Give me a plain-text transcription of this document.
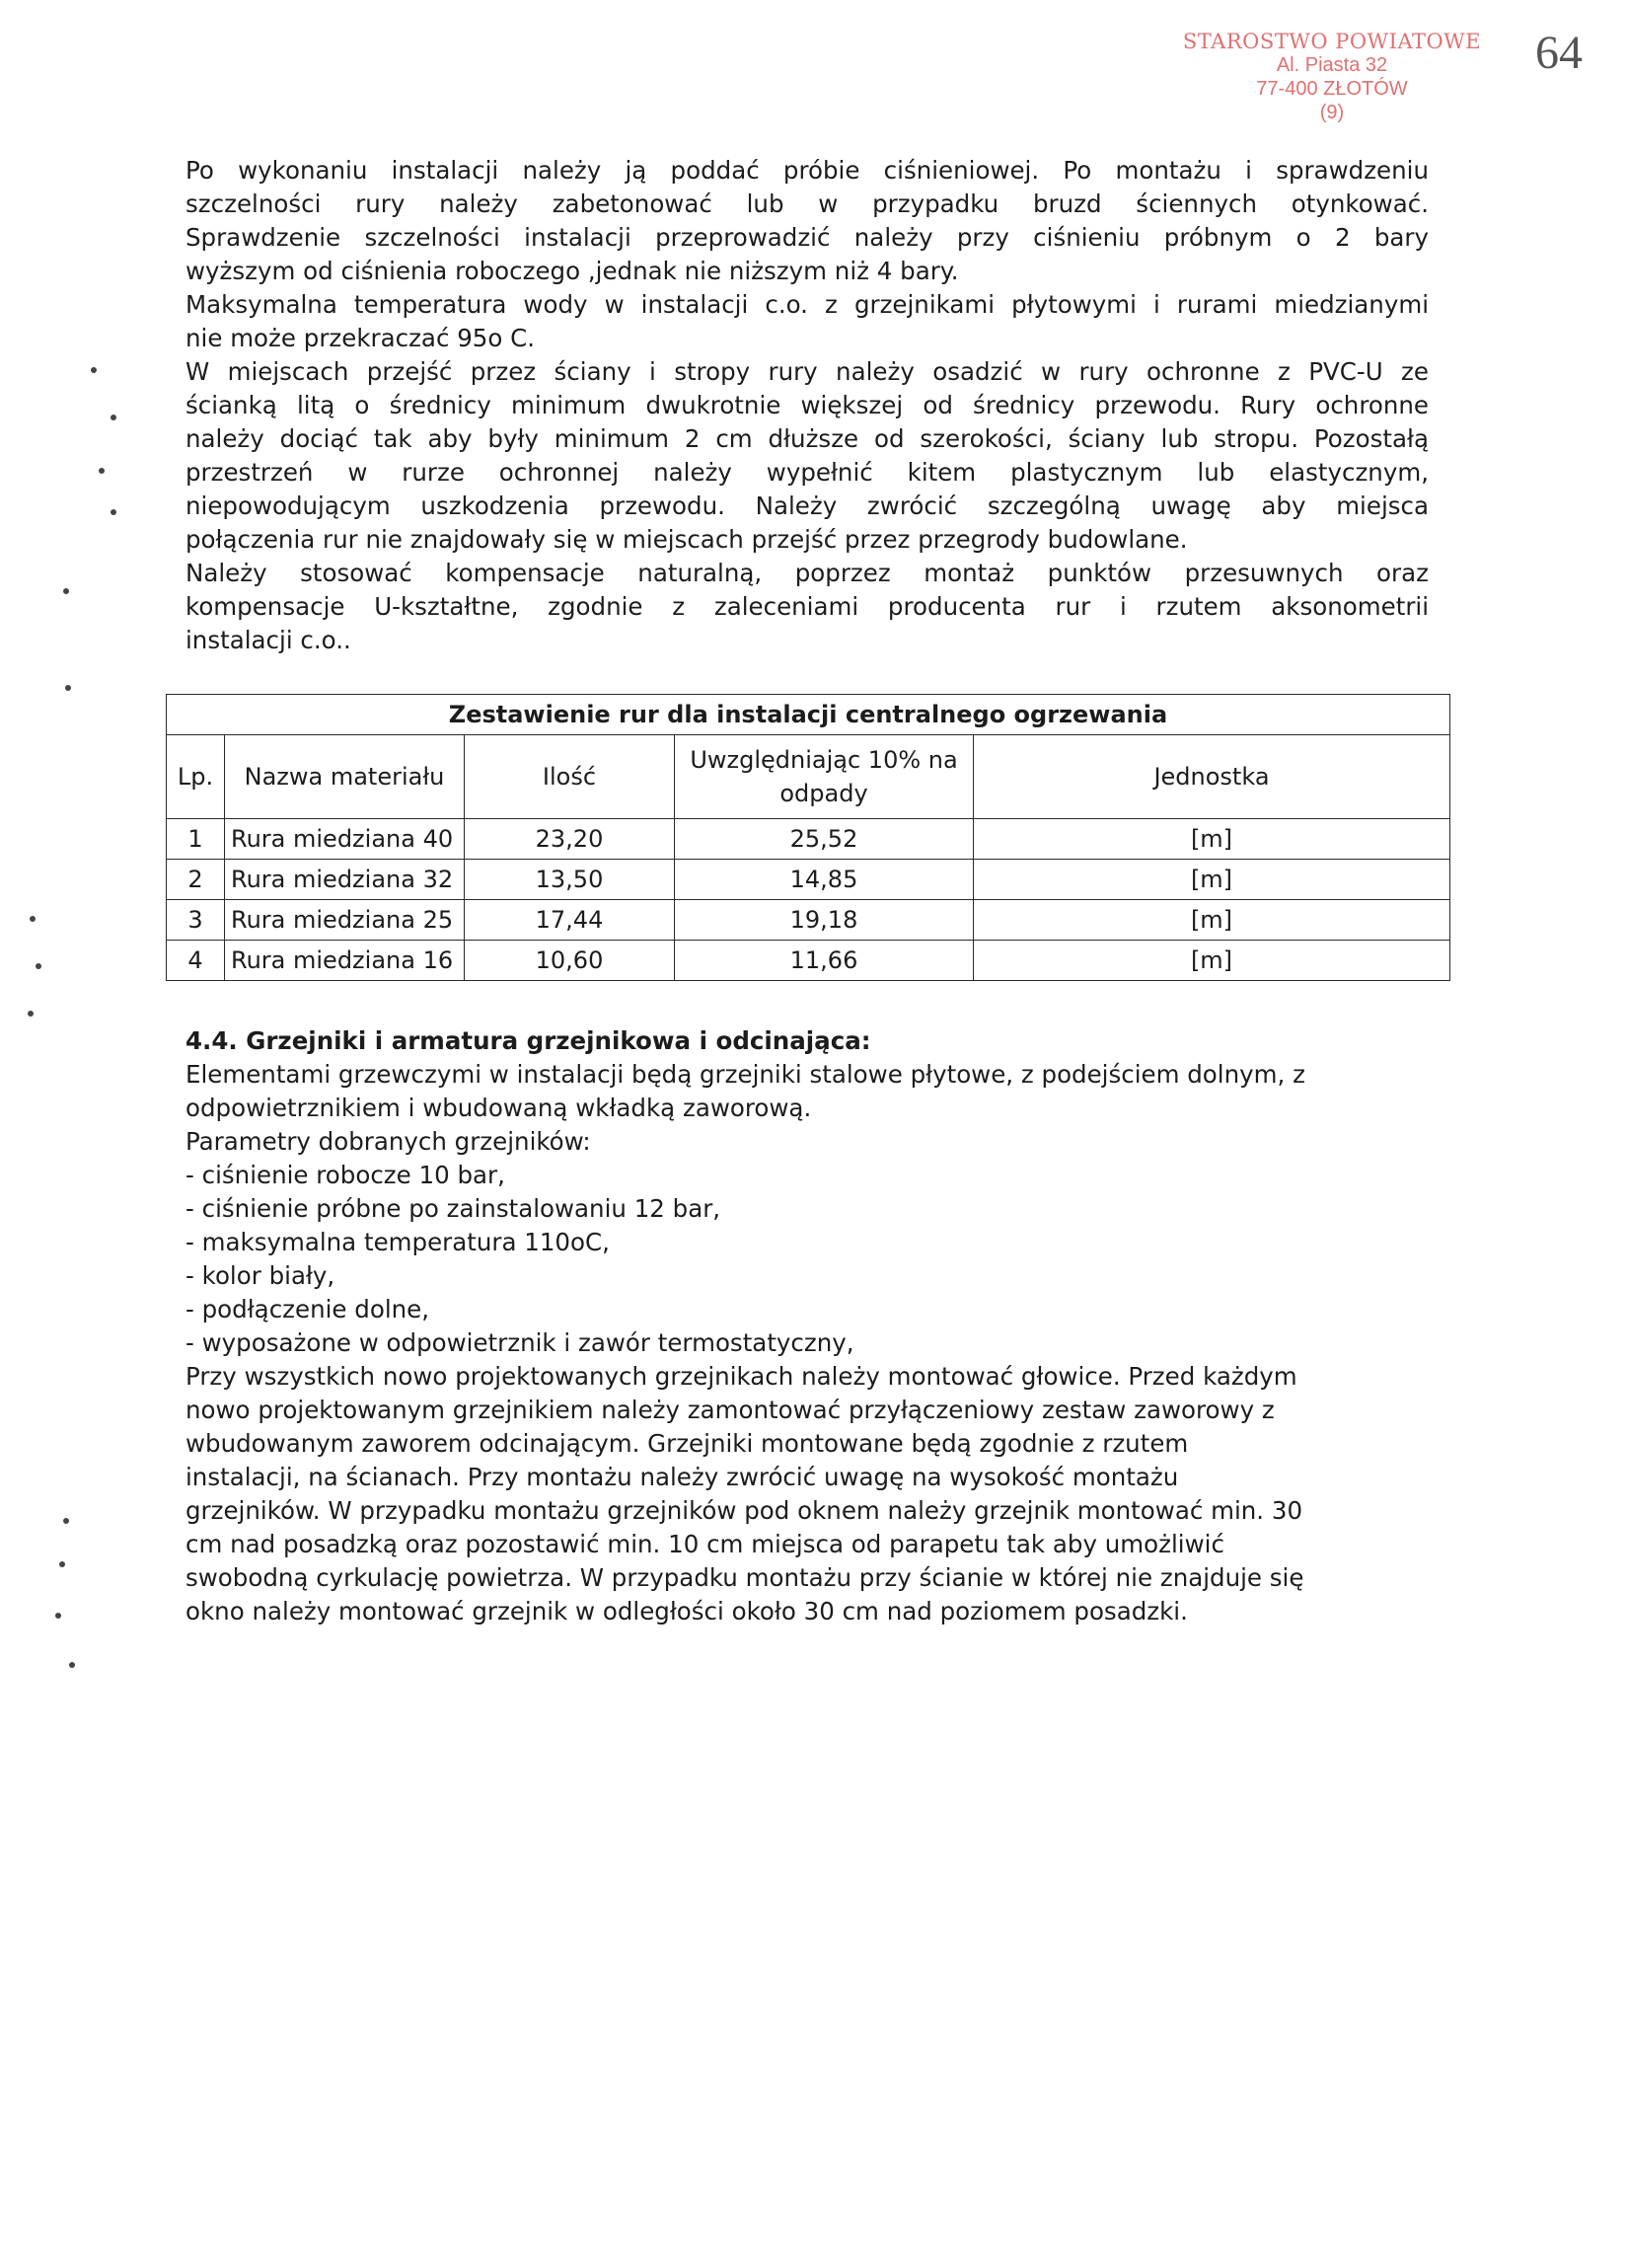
STAROSTWO POWIATOWE
Al. Piasta 32
77-400 ZŁOTÓW
(9)
64
Po wykonaniu instalacji należy ją poddać próbie ciśnieniowej. Po montażu i sprawdzeniu
szczelności rury należy zabetonować lub w przypadku bruzd ściennych otynkować.
Sprawdzenie szczelności instalacji przeprowadzić należy przy ciśnieniu próbnym o 2 bary
wyższym od ciśnienia roboczego ,jednak nie niższym niż 4 bary.
Maksymalna temperatura wody w instalacji c.o. z grzejnikami płytowymi i rurami miedzianymi
nie może przekraczać 95o C.
W miejscach przejść przez ściany i stropy rury należy osadzić w rury ochronne z PVC-U ze
ścianką litą o średnicy minimum dwukrotnie większej od średnicy przewodu. Rury ochronne
należy dociąć tak aby były minimum 2 cm dłuższe od szerokości, ściany lub stropu. Pozostałą
przestrzeń w rurze ochronnej należy wypełnić kitem plastycznym lub elastycznym,
niepowodującym uszkodzenia przewodu. Należy zwrócić szczególną uwagę aby miejsca
połączenia rur nie znajdowały się w miejscach przejść przez przegrody budowlane.
Należy stosować kompensacje naturalną, poprzez montaż punktów przesuwnych oraz
kompensacje U-kształtne, zgodnie z zaleceniami producenta rur i rzutem aksonometrii
instalacji c.o..
Zestawienie rur dla instalacji centralnego ogrzewania				
Lp.	Nazwa materiału	Ilość	Uwzględniając 10% na odpady	Jednostka
1	Rura miedziana 40	23,20	25,52	[m]
2	Rura miedziana 32	13,50	14,85	[m]
3	Rura miedziana 25	17,44	19,18	[m]
4	Rura miedziana 16	10,60	11,66	[m]
4.4. Grzejniki i armatura grzejnikowa i odcinająca:
Elementami grzewczymi w instalacji będą grzejniki stalowe płytowe, z podejściem dolnym, z
odpowietrznikiem i wbudowaną wkładką zaworową.
Parametry dobranych grzejników:
- ciśnienie robocze 10 bar,
- ciśnienie próbne po zainstalowaniu 12 bar,
- maksymalna temperatura 110oC,
- kolor biały,
- podłączenie dolne,
- wyposażone w odpowietrznik i zawór termostatyczny,
Przy wszystkich nowo projektowanych grzejnikach należy montować głowice. Przed każdym
nowo projektowanym grzejnikiem należy zamontować przyłączeniowy zestaw zaworowy z
wbudowanym zaworem odcinającym. Grzejniki montowane będą zgodnie z rzutem
instalacji, na ścianach. Przy montażu należy zwrócić uwagę na wysokość montażu
grzejników. W przypadku montażu grzejników pod oknem należy grzejnik montować min. 30
cm nad posadzką oraz pozostawić min. 10 cm miejsca od parapetu tak aby umożliwić
swobodną cyrkulację powietrza. W przypadku montażu przy ścianie w której nie znajduje się
okno należy montować grzejnik w odległości około 30 cm nad poziomem posadzki.
